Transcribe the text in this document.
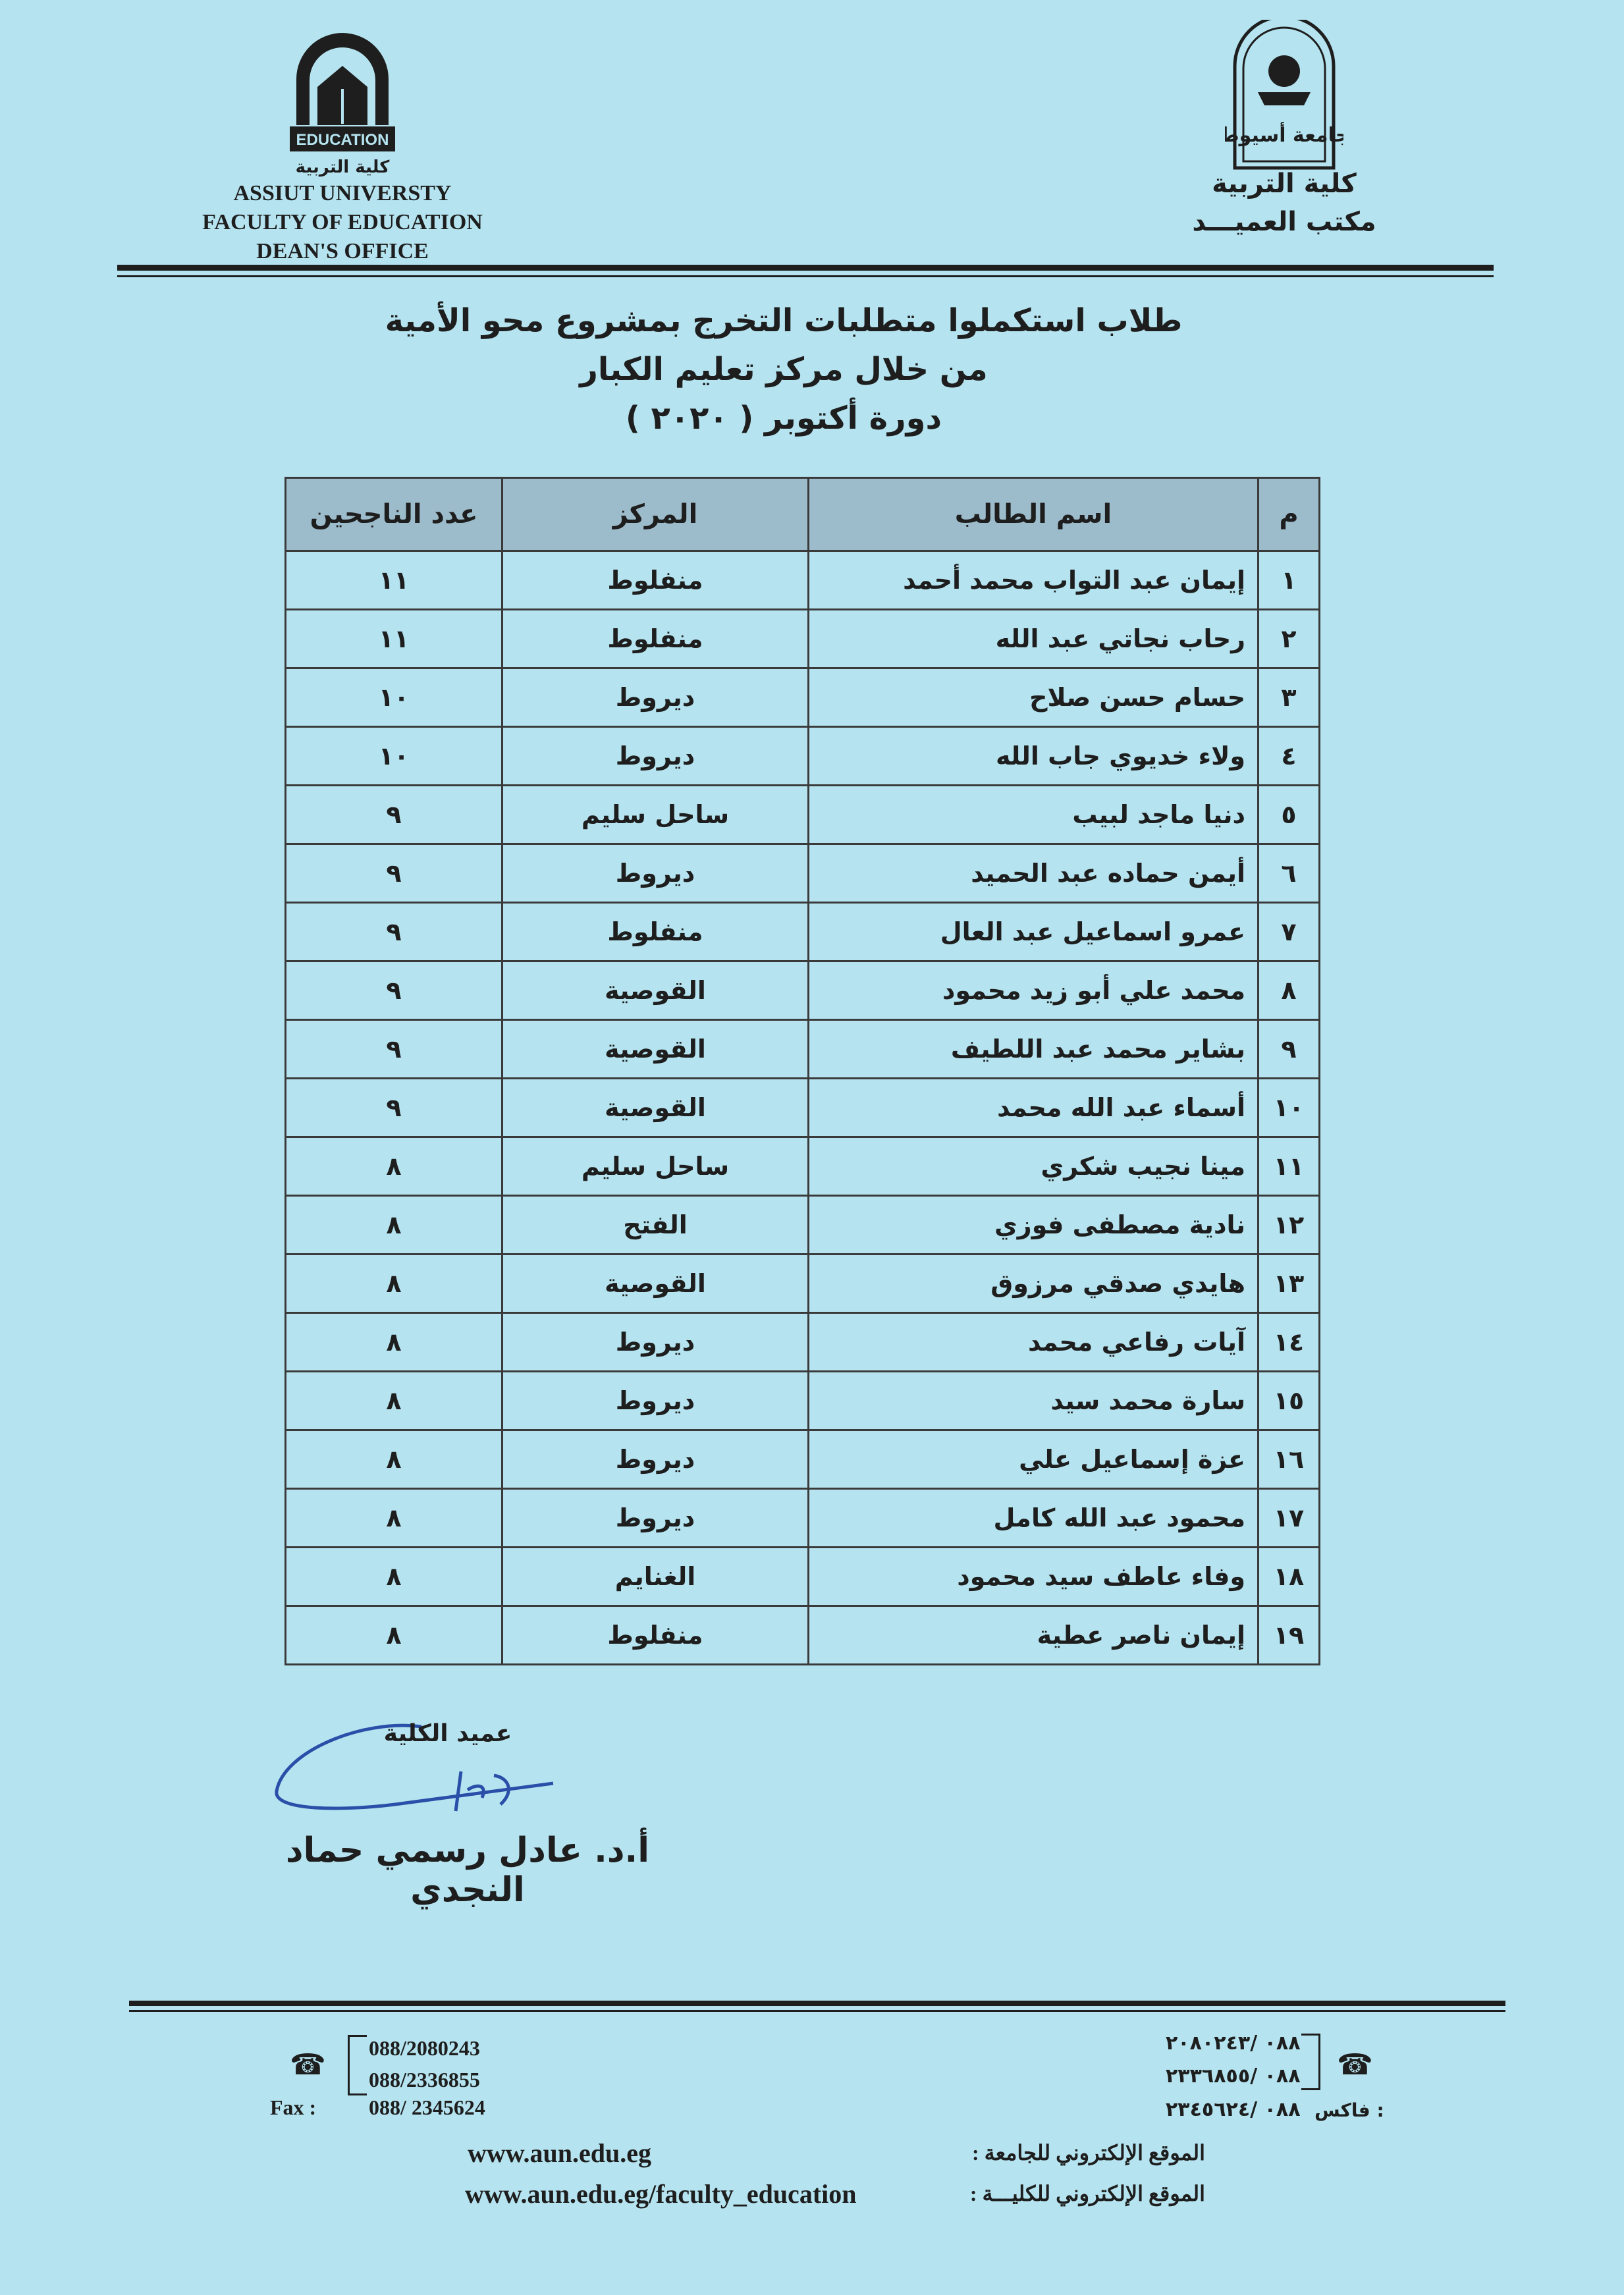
EDUCATION
كلية التربية
ASSIUT UNIVERSTY
FACULTY OF EDUCATION
DEAN'S OFFICE
جامعة أسيوط
كلية التربية
مكتب العميـــد
طلاب استكملوا متطلبات التخرج بمشروع محو الأمية
من خلال مركز تعليم الكبار
دورة أكتوبر ( ٢٠٢٠ )
م	اسم الطالب	المركز	عدد الناجحين
١	إيمان عبد التواب محمد أحمد	منفلوط	١١
٢	رحاب نجاتي عبد الله	منفلوط	١١
٣	حسام حسن صلاح	ديروط	١٠
٤	ولاء خديوي جاب الله	ديروط	١٠
٥	دنيا ماجد لبيب	ساحل سليم	٩
٦	أيمن حماده عبد الحميد	ديروط	٩
٧	عمرو اسماعيل عبد العال	منفلوط	٩
٨	محمد علي أبو زيد محمود	القوصية	٩
٩	بشاير محمد عبد اللطيف	القوصية	٩
١٠	أسماء عبد الله محمد	القوصية	٩
١١	مينا نجيب شكري	ساحل سليم	٨
١٢	نادية مصطفى فوزي	الفتح	٨
١٣	هايدي صدقي مرزوق	القوصية	٨
١٤	آيات رفاعي محمد	ديروط	٨
١٥	سارة محمد سيد	ديروط	٨
١٦	عزة إسماعيل علي	ديروط	٨
١٧	محمود عبد الله كامل	ديروط	٨
١٨	وفاء عاطف سيد محمود	الغنايم	٨
١٩	إيمان ناصر عطية	منفلوط	٨
عميد الكلية
أ.د. عادل رسمي حماد النجدي
☎ 088/2080243
088/2336855
Fax : 088/ 2345624
٠٨٨ /٢٠٨٠٢٤٣
٠٨٨ /٢٣٣٦٨٥٥ ☎
٠٨٨ /٢٣٤٥٦٢٤ فاكس :
www.aun.edu.eg	الموقع الإلكتروني للجامعة :
www.aun.edu.eg/faculty_education	الموقع الإلكتروني للكليـــة :
